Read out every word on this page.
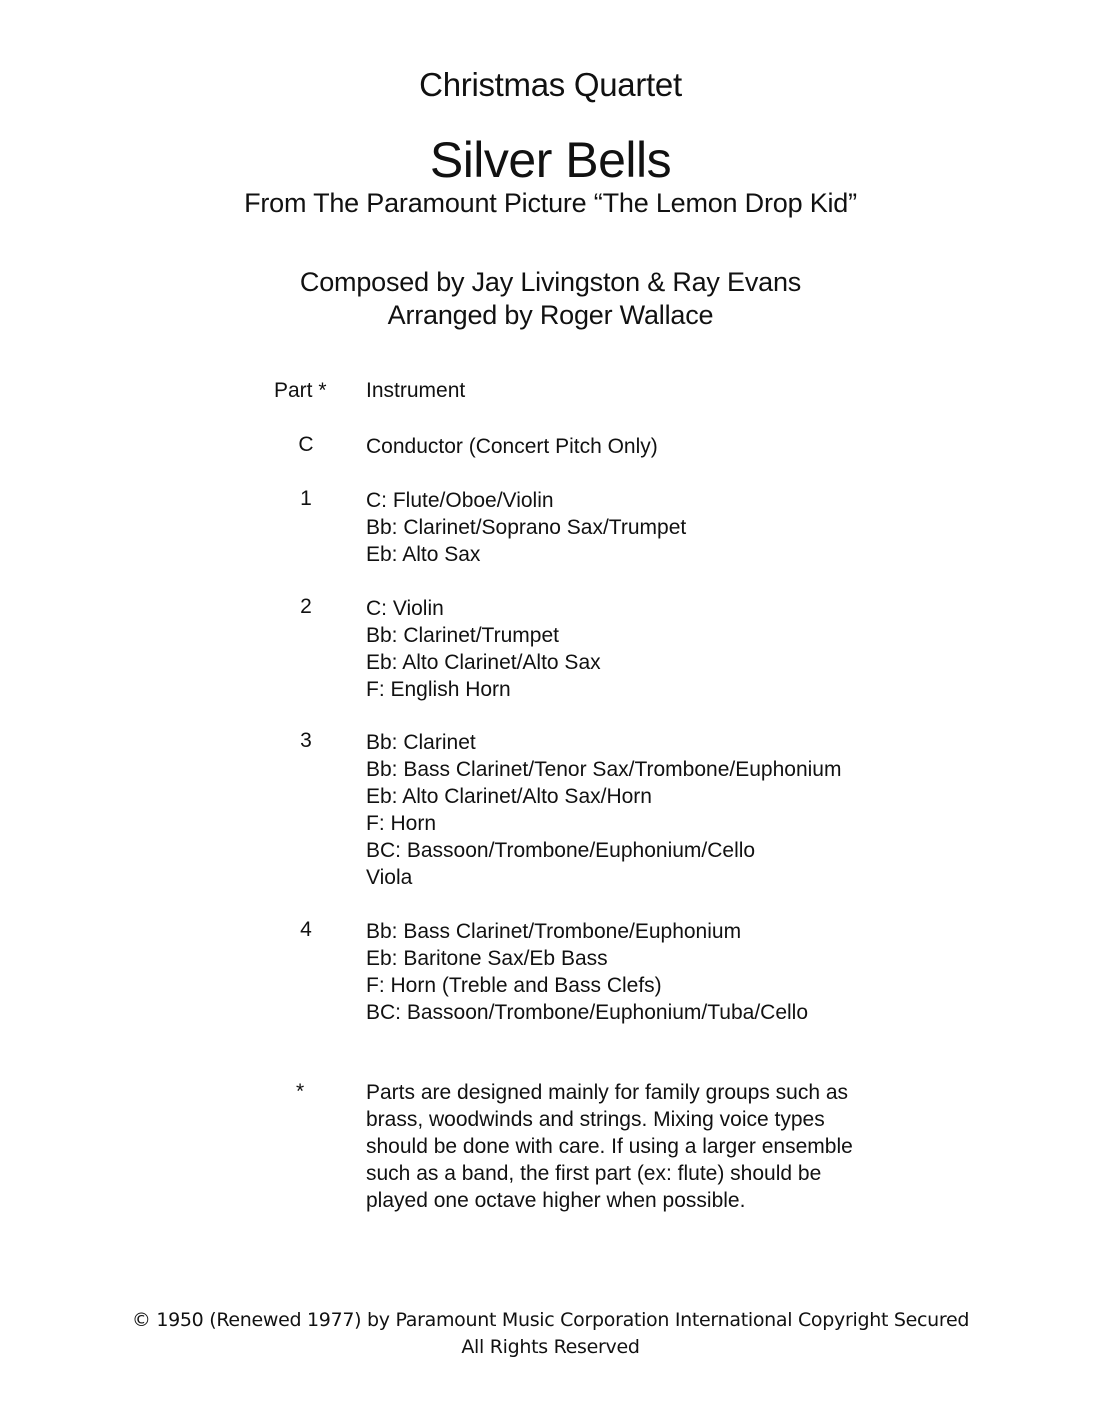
Christmas Quartet
Silver Bells
From The Paramount Picture “The Lemon Drop Kid”
Composed by Jay Livingston & Ray Evans
Arranged by Roger Wallace
Part * Instrument
C	Conductor (Concert Pitch Only)
1	C: Flute/Oboe/Violin
Bb: Clarinet/Soprano Sax/Trumpet
Eb: Alto Sax
2	C: Violin
Bb: Clarinet/Trumpet
Eb: Alto Clarinet/Alto Sax
F: English Horn
3	Bb: Clarinet
Bb: Bass Clarinet/Tenor Sax/Trombone/Euphonium
Eb: Alto Clarinet/Alto Sax/Horn
F: Horn
BC: Bassoon/Trombone/Euphonium/Cello
Viola
4	Bb: Bass Clarinet/Trombone/Euphonium
Eb: Baritone Sax/Eb Bass
F: Horn (Treble and Bass Clefs)
BC: Bassoon/Trombone/Euphonium/Tuba/Cello
*	Parts are designed mainly for family groups such as
brass, woodwinds and strings. Mixing voice types
should be done with care. If using a larger ensemble
such as a band, the first part (ex: flute) should be
played one octave higher when possible.
© 1950 (Renewed 1977) by Paramount Music Corporation International Copyright Secured
All Rights Reserved
